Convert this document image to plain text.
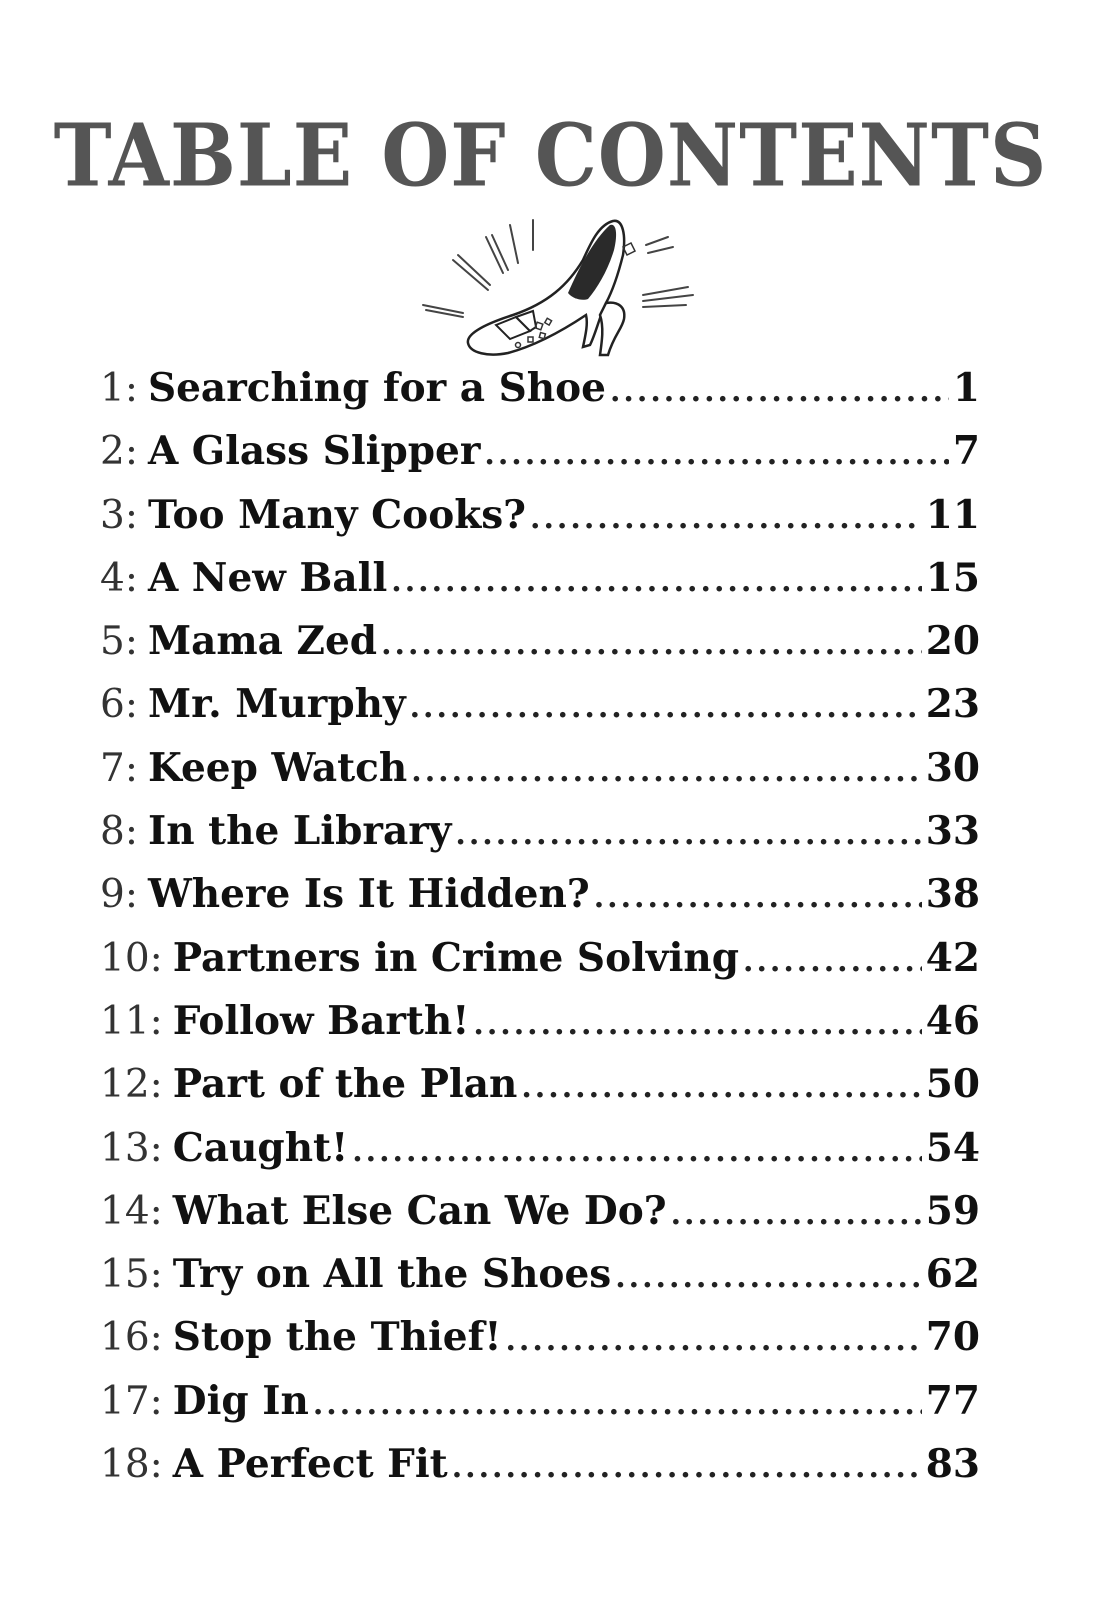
TABLE OF CONTENTS
1: Searching for a Shoe .....	1
2: A Glass Slipper .....	7
3: Too Many Cooks? .....	11
4: A New Ball .....	15
5: Mama Zed .....	20
6: Mr. Murphy .....	23
7: Keep Watch .....	30
8: In the Library .....	33
9: Where Is It Hidden? .....	38
10: Partners in Crime Solving .....	42
11: Follow Barth! .....	46
12: Part of the Plan .....	50
13: Caught! .....	54
14: What Else Can We Do? .....	59
15: Try on All the Shoes .....	62
16: Stop the Thief! .....	70
17: Dig In .....	77
18: A Perfect Fit .....	83
